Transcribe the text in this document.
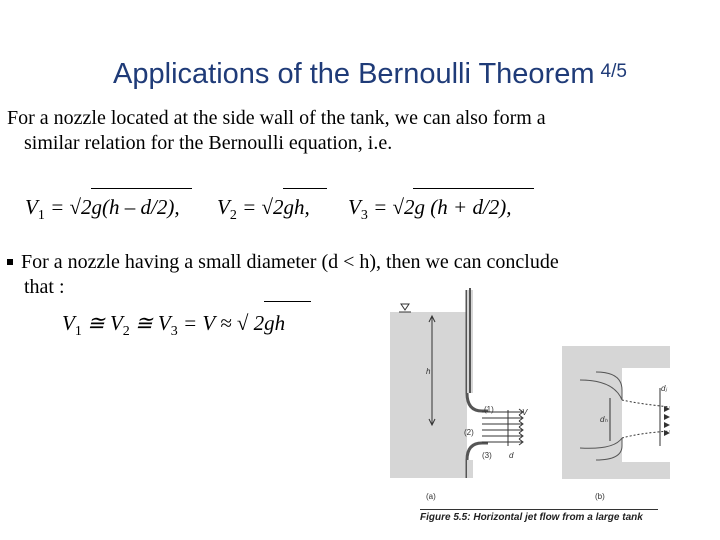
Applications of the Bernoulli Theorem $^{4/5}$
For a nozzle located at the side wall of the tank, we can also form a
similar relation for the Bernoulli equation, i.e.
$V_1 = √2g(h - d/2)$, $V_2 = √2gh$, $V_3 = √2g$ (h + d/2),
For a nozzle having a small diameter (d < h), then we can conclude
that :
$V_1$ ≅ $V_2$ ≅ $V_3 = V$ ≈ √ 2gh
h
(1)
(2)
(3)
V
d
(a)
dⱼ
dₕ
(b)
Figure 5.5: Horizontal jet flow from a large tank
